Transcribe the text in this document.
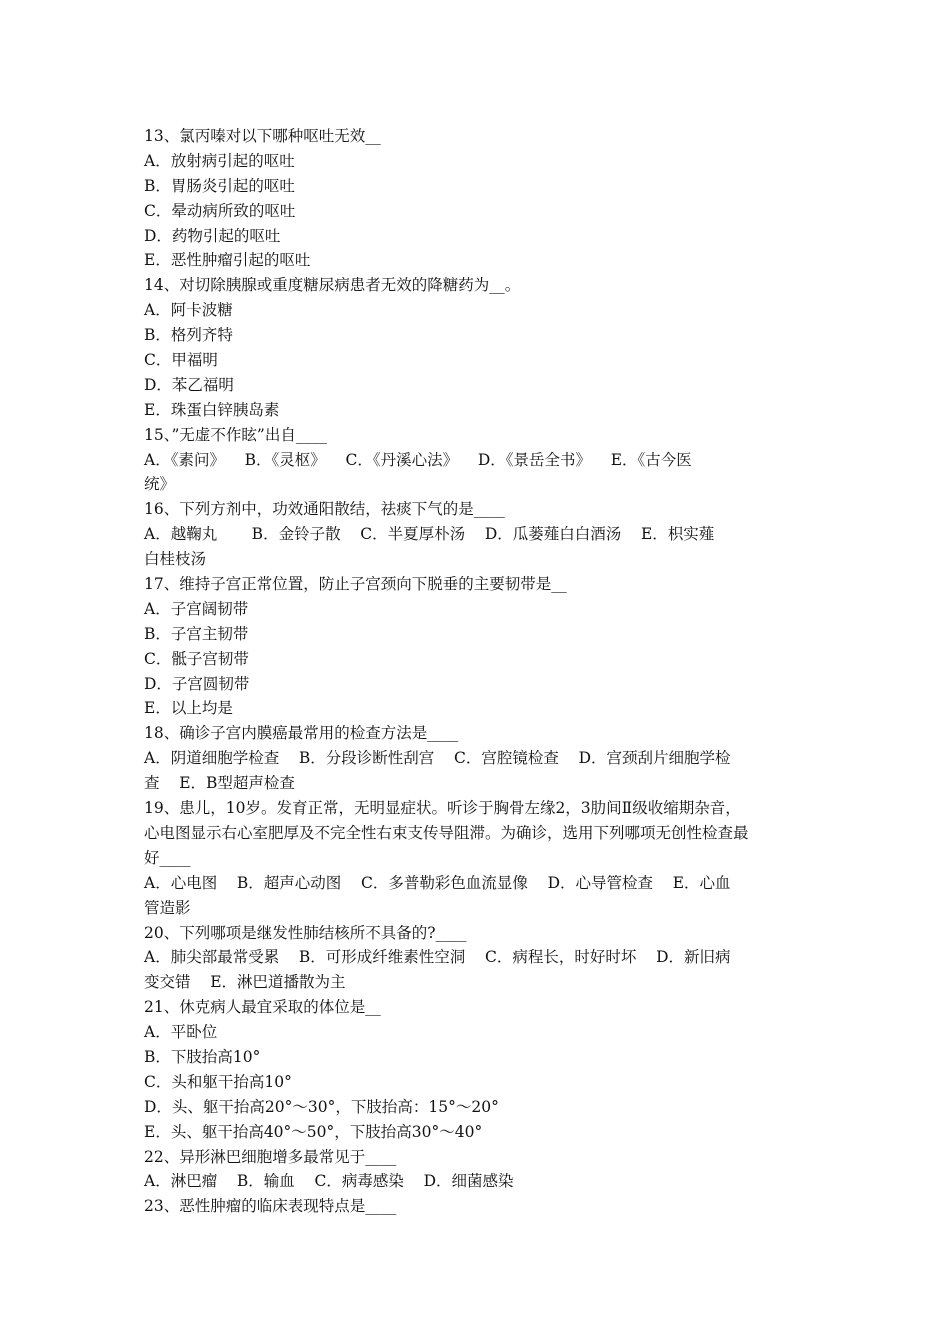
13、氯丙嗪对以下哪种呕吐无效__
A．放射病引起的呕吐
B．胃肠炎引起的呕吐
C．晕动病所致的呕吐
D．药物引起的呕吐
E．恶性肿瘤引起的呕吐
14、对切除胰腺或重度糖尿病患者无效的降糖药为__。
A．阿卡波糖
B．格列齐特
C．甲福明
D．苯乙福明
E．珠蛋白锌胰岛素
15、”无虚不作眩”出自____
A．《素问》    B．《灵枢》    C．《丹溪心法》    D．《景岳全书》    E．《古今医
统》
16、下列方剂中，功效通阳散结，祛痰下气的是____
A．越鞠丸       B．金铃子散    C．半夏厚朴汤    D．瓜蒌薤白白酒汤    E．枳实薤
白桂枝汤
17、维持子宫正常位置，防止子宫颈向下脱垂的主要韧带是__
A．子宫阔韧带
B．子宫主韧带
C．骶子宫韧带
D．子宫圆韧带
E．以上均是
18、确诊子宫内膜癌最常用的检查方法是____
A．阴道细胞学检查    B．分段诊断性刮宫    C．宫腔镜检查    D．宫颈刮片细胞学检
查    E．B型超声检查
19、患儿，10岁。发育正常，无明显症状。听诊于胸骨左缘2，3肋间Ⅱ级收缩期杂音，
心电图显示右心室肥厚及不完全性右束支传导阻滞。为确诊，选用下列哪项无创性检查最
好____
A．心电图    B．超声心动图    C．多普勒彩色血流显像    D．心导管检查    E．心血
管造影
20、下列哪项是继发性肺结核所不具备的?____
A．肺尖部最常受累    B．可形成纤维素性空洞    C．病程长，时好时坏    D．新旧病
变交错    E．淋巴道播散为主
21、休克病人最宜采取的体位是__
A．平卧位
B．下肢抬高10°
C．头和躯干抬高10°
D．头、躯干抬高20°～30°，下肢抬高：15°～20°
E．头、躯干抬高40°～50°，下肢抬高30°～40°
22、异形淋巴细胞增多最常见于____
A．淋巴瘤    B．输血    C．病毒感染    D．细菌感染
23、恶性肿瘤的临床表现特点是____
